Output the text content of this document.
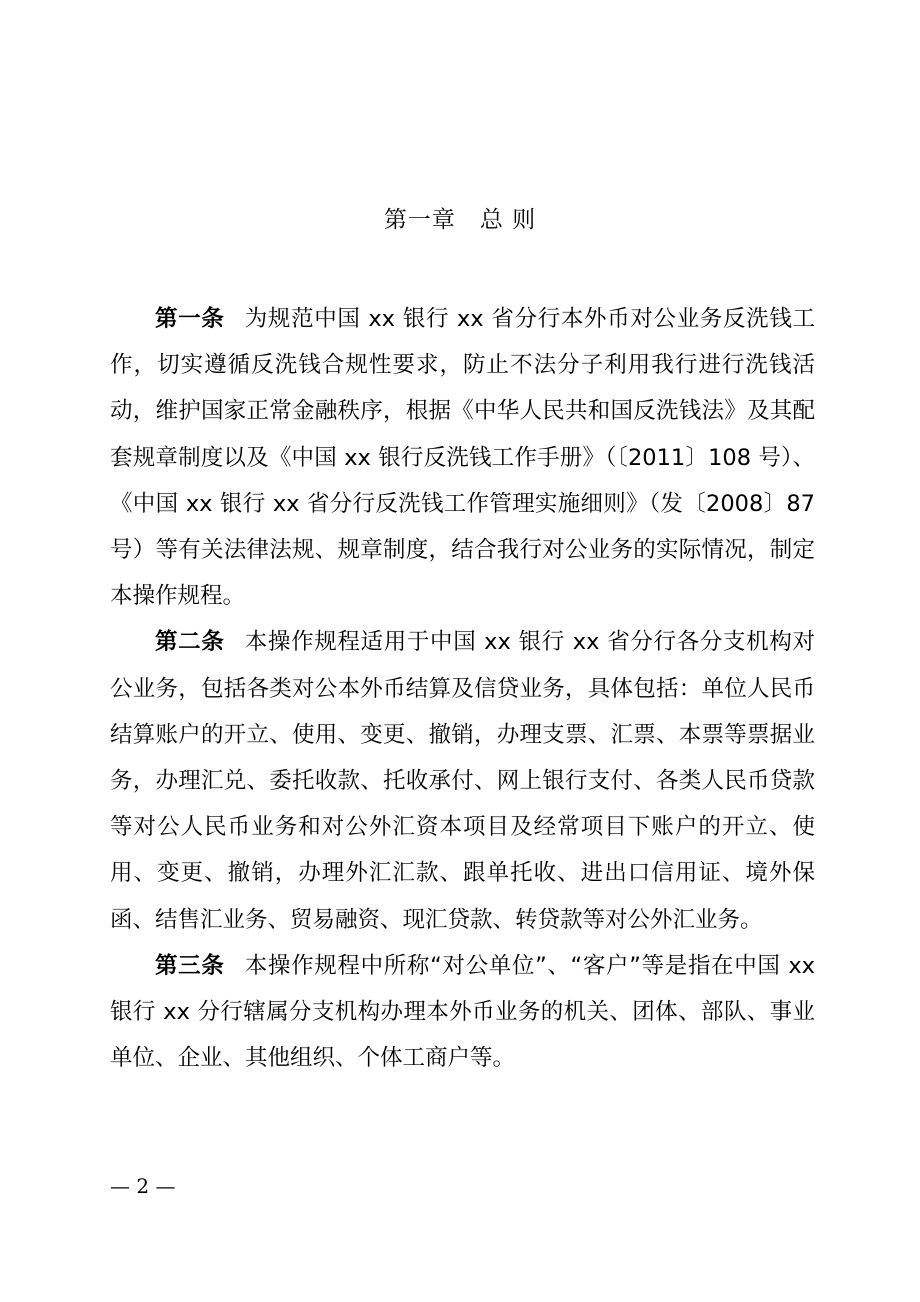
第一章　总 则

第一条 为规范中国 xx 银行 xx 省分行本外币对公业务反洗钱工作，切实遵循反洗钱合规性要求，防止不法分子利用我行进行洗钱活动，维护国家正常金融秩序，根据《中华人民共和国反洗钱法》及其配套规章制度以及《中国 xx 银行反洗钱工作手册》（〔2011〕108 号）、《中国 xx 银行 xx 省分行反洗钱工作管理实施细则》（发〔2008〕87 号）等有关法律法规、规章制度，结合我行对公业务的实际情况，制定本操作规程。

第二条 本操作规程适用于中国 xx 银行 xx 省分行各分支机构对公业务，包括各类对公本外币结算及信贷业务，具体包括：单位人民币结算账户的开立、使用、变更、撤销，办理支票、汇票、本票等票据业务，办理汇兑、委托收款、托收承付、网上银行支付、各类人民币贷款等对公人民币业务和对公外汇资本项目及经常项目下账户的开立、使用、变更、撤销，办理外汇汇款、跟单托收、进出口信用证、境外保函、结售汇业务、贸易融资、现汇贷款、转贷款等对公外汇业务。

第三条 本操作规程中所称“对公单位”、“客户”等是指在中国 xx 银行 xx 分行辖属分支机构办理本外币业务的机关、团体、部队、事业单位、企业、其他组织、个体工商户等。

— 2 —
